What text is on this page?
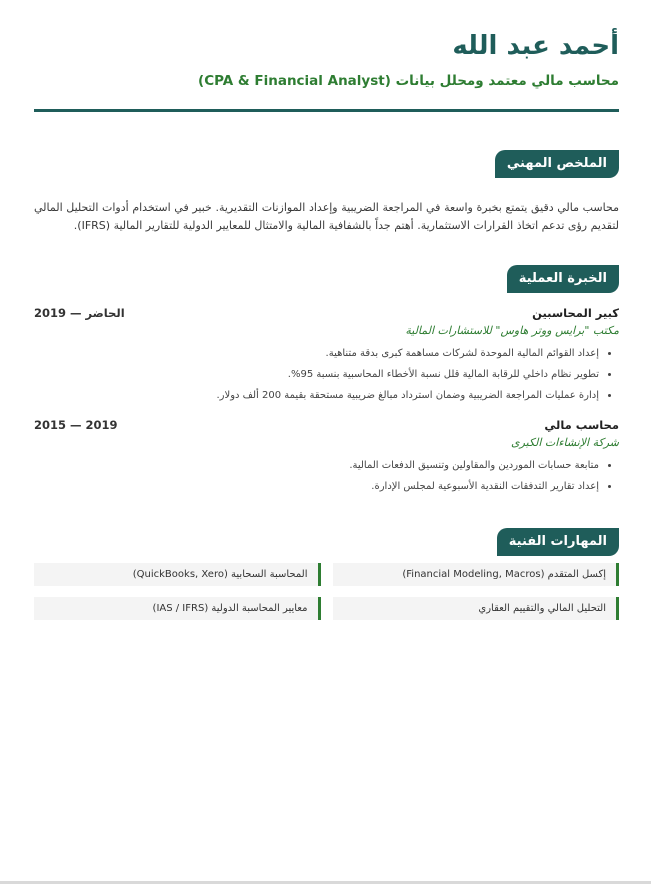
أحمد عبد الله
محاسب مالي معتمد ومحلل بيانات (CPA & Financial Analyst)
الملخص المهني

محاسب مالي دقيق يتمتع بخبرة واسعة في المراجعة الضريبية وإعداد الموازنات التقديرية. خبير في استخدام أدوات التحليل المالي لتقديم رؤى تدعم اتخاذ القرارات الاستثمارية. أهتم جداً بالشفافية المالية والامتثال للمعايير الدولية للتقارير المالية (IFRS).

الخبرة العملية
كبير المحاسبين
2019 — الحاضر
مكتب "برايس ووتر هاوس" للاستشارات المالية
• إعداد القوائم المالية الموحدة لشركات مساهمة كبرى بدقة متناهية.
• تطوير نظام داخلي للرقابة المالية قلل نسبة الأخطاء المحاسبية بنسبة 95%.
• إدارة عمليات المراجعة الضريبية وضمان استرداد مبالغ ضريبية مستحقة بقيمة 200 ألف دولار.
محاسب مالي
2015 — 2019
شركة الإنشاءات الكبرى
• متابعة حسابات الموردين والمقاولين وتنسيق الدفعات المالية.
• إعداد تقارير التدفقات النقدية الأسبوعية لمجلس الإدارة.
المهارات الفنية
إكسل المتقدم (Financial Modeling, Macros)
المحاسبة السحابية (QuickBooks, Xero)
التحليل المالي والتقييم العقاري
معايير المحاسبة الدولية (IAS / IFRS)
